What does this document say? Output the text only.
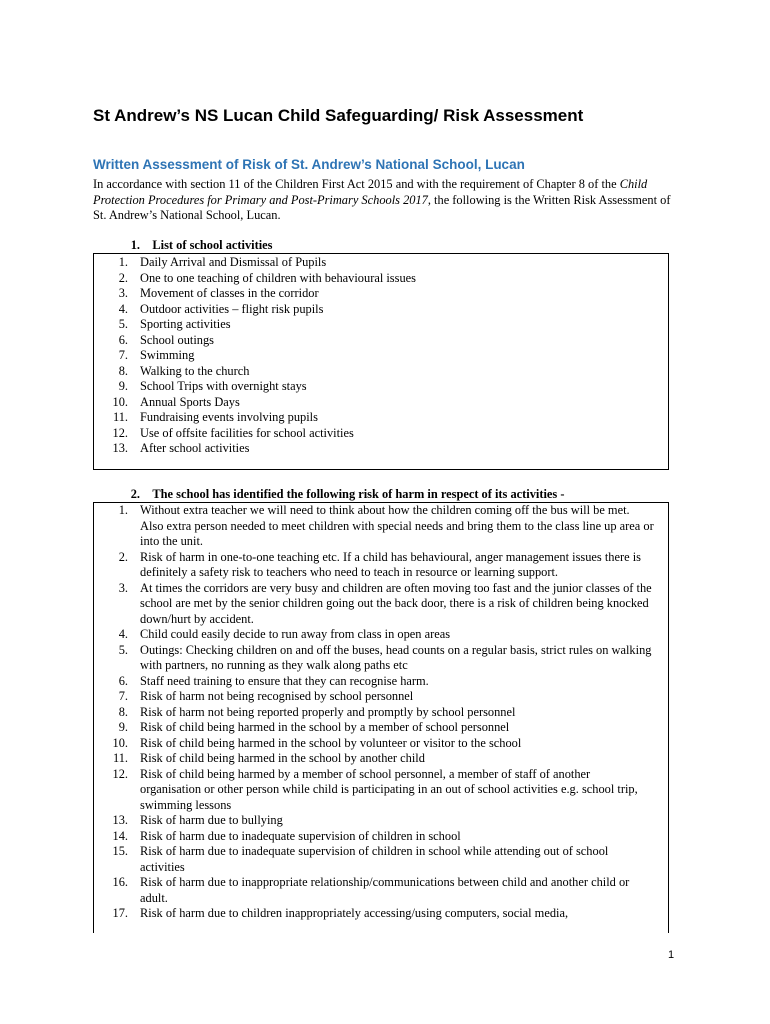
St Andrew’s NS Lucan Child Safeguarding/ Risk Assessment
Written Assessment of Risk of St. Andrew’s National School, Lucan

In accordance with section 11 of the Children First Act 2015 and with the requirement of Chapter 8 of the Child Protection Procedures for Primary and Post-Primary Schools 2017, the following is the Written Risk Assessment of St. Andrew’s National School, Lucan.

1. List of school activities

1. Daily Arrival and Dismissal of Pupils
2. One to one teaching of children with behavioural issues
3. Movement of classes in the corridor
4. Outdoor activities – flight risk pupils
5. Sporting activities
6. School outings
7. Swimming
8. Walking to the church
9. School Trips with overnight stays
10. Annual Sports Days
11. Fundraising events involving pupils
12. Use of offsite facilities for school activities
13. After school activities

2. The school has identified the following risk of harm in respect of its activities -

1. Without extra teacher we will need to think about how the children coming off the bus will be met. Also extra person needed to meet children with special needs and bring them to the class line up area or into the unit.
2. Risk of harm in one-to-one teaching etc. If a child has behavioural, anger management issues there is definitely a safety risk to teachers who need to teach in resource or learning support.
3. At times the corridors are very busy and children are often moving too fast and the junior classes of the school are met by the senior children going out the back door, there is a risk of children being knocked down/hurt by accident.
4. Child could easily decide to run away from class in open areas
5. Outings: Checking children on and off the buses, head counts on a regular basis, strict rules on walking with partners, no running as they walk along paths etc
6. Staff need training to ensure that they can recognise harm.
7. Risk of harm not being recognised by school personnel
8. Risk of harm not being reported properly and promptly by school personnel
9. Risk of child being harmed in the school by a member of school personnel
10. Risk of child being harmed in the school by volunteer or visitor to the school
11. Risk of child being harmed in the school by another child
12. Risk of child being harmed by a member of school personnel, a member of staff of another organisation or other person while child is participating in an out of school activities e.g. school trip, swimming lessons
13. Risk of harm due to bullying
14. Risk of harm due to inadequate supervision of children in school
15. Risk of harm due to inadequate supervision of children in school while attending out of school activities
16. Risk of harm due to inappropriate relationship/communications between child and another child or adult.
17. Risk of harm due to children inappropriately accessing/using computers, social media,
1
